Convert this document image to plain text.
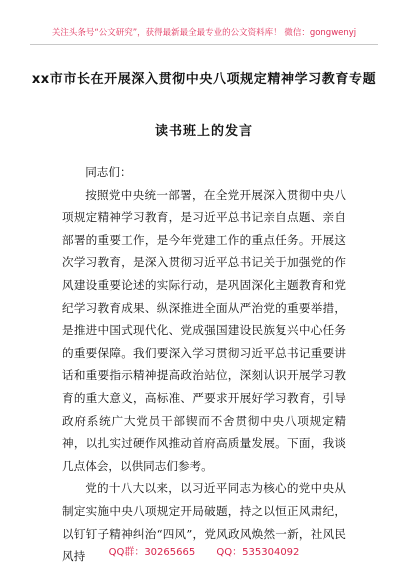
关注头条号“公文研究”，获得最新最全最专业的公文资料库！ 微信：gongwenyj
xx市市长在开展深入贯彻中央八项规定精神学习教育专题
读书班上的发言

同志们：

按照党中央统一部署，在全党开展深入贯彻中央八项规定精神学习教育，是习近平总书记亲自点题、亲自部署的重要工作，是今年党建工作的重点任务。开展这次学习教育，是深入贯彻习近平总书记关于加强党的作风建设重要论述的实际行动，是巩固深化主题教育和党纪学习教育成果、纵深推进全面从严治党的重要举措，是推进中国式现代化、党成强国建设民族复兴中心任务的重要保障。我们要深入学习贯彻习近平总书记重要讲话和重要指示精神提高政治站位，深刻认识开展学习教育的重大意义，高标准、严要求开展好学习教育，引导政府系统广大党员干部锲而不舍贯彻中央八项规定精神，以扎实过硬作风推动首府高质量发展。下面，我谈几点体会，以供同志们参考。

党的十八大以来，以习近平同志为核心的党中央从制定实施中央八项规定开局破题，持之以恒正风肃纪，以钉钉子精神纠治“四风”，党风政风焕然一新，社风民风持	QQ群：30265665 QQ：535304092
